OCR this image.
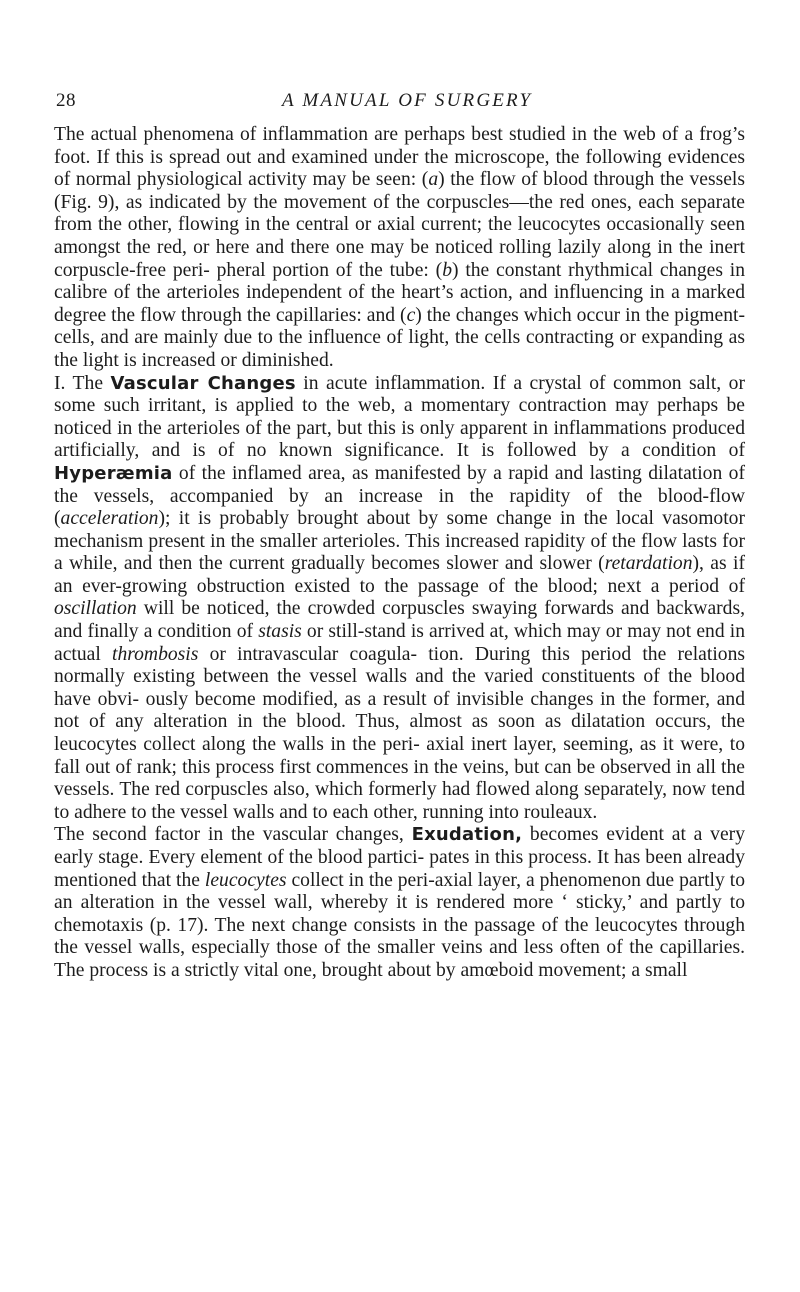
28	A MANUAL OF SURGERY

The actual phenomena of inflammation are perhaps best studied in the web of a frog’s foot. If this is spread out and examined under the microscope, the following evidences of normal physiological activity may be seen: (a) the flow of blood through the vessels (Fig. 9), as indicated by the movement of the corpuscles—the red ones, each separate from the other, flowing in the central or axial current; the leucocytes occasionally seen amongst the red, or here and there one may be noticed rolling lazily along in the inert corpuscle-free peri- pheral portion of the tube: (b) the constant rhythmical changes in calibre of the arterioles independent of the heart’s action, and influencing in a marked degree the flow through the capillaries: and (c) the changes which occur in the pigment-cells, and are mainly due to the influence of light, the cells contracting or expanding as the light is increased or diminished.

I. The Vascular Changes in acute inflammation. If a crystal of common salt, or some such irritant, is applied to the web, a momentary contraction may perhaps be noticed in the arterioles of the part, but this is only apparent in inflammations produced artificially, and is of no known significance. It is followed by a condition of Hyperæmia of the inflamed area, as manifested by a rapid and lasting dilatation of the vessels, accompanied by an increase in the rapidity of the blood-flow (acceleration); it is probably brought about by some change in the local vasomotor mechanism present in the smaller arterioles. This increased rapidity of the flow lasts for a while, and then the current gradually becomes slower and slower (retardation), as if an ever-growing obstruction existed to the passage of the blood; next a period of oscillation will be noticed, the crowded corpuscles swaying forwards and backwards, and finally a condition of stasis or still-stand is arrived at, which may or may not end in actual thrombosis or intravascular coagula- tion. During this period the relations normally existing between the vessel walls and the varied constituents of the blood have obvi- ously become modified, as a result of invisible changes in the former, and not of any alteration in the blood. Thus, almost as soon as dilatation occurs, the leucocytes collect along the walls in the peri- axial inert layer, seeming, as it were, to fall out of rank; this process first commences in the veins, but can be observed in all the vessels. The red corpuscles also, which formerly had flowed along separately, now tend to adhere to the vessel walls and to each other, running into rouleaux.

The second factor in the vascular changes, Exudation, becomes evident at a very early stage. Every element of the blood partici- pates in this process. It has been already mentioned that the leucocytes collect in the peri-axial layer, a phenomenon due partly to an alteration in the vessel wall, whereby it is rendered more ‘ sticky,’ and partly to chemotaxis (p. 17). The next change consists in the passage of the leucocytes through the vessel walls, especially those of the smaller veins and less often of the capillaries. The process is a strictly vital one, brought about by amœboid movement; a small
